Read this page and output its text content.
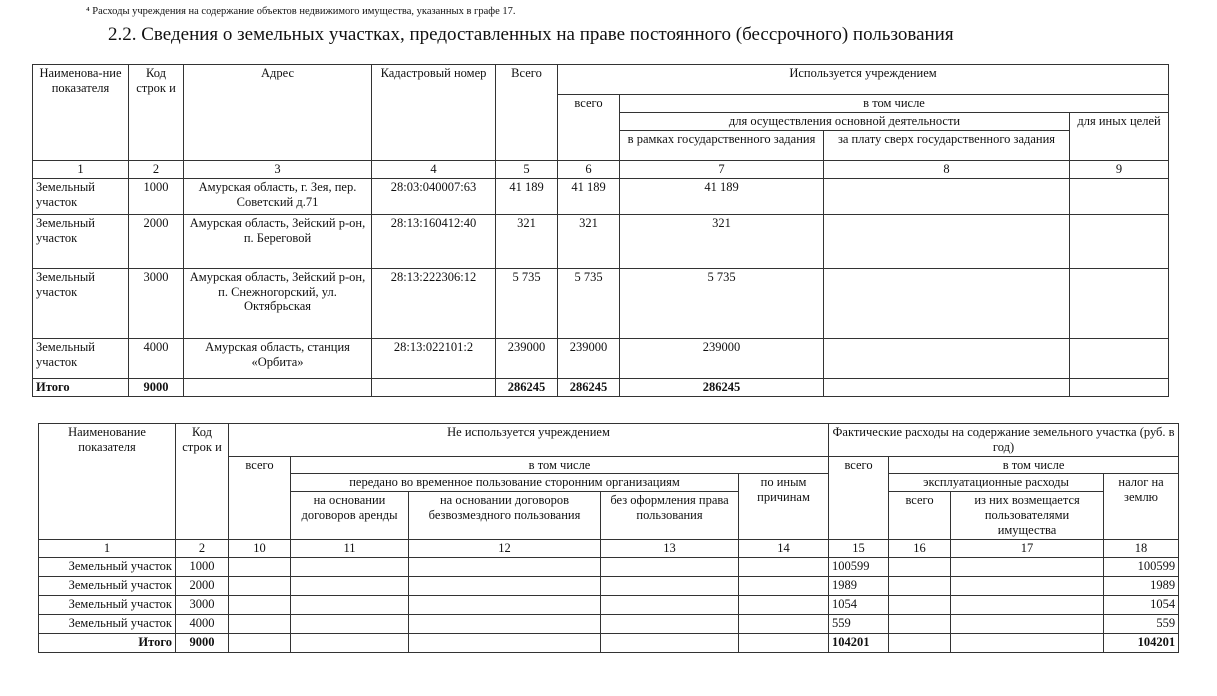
⁴ Расходы учреждения на содержание объектов недвижимого имущества, указанных в графе 17.
2.2. Сведения о земельных участках, предоставленных на праве постоянного (бессрочного) пользования
Наименова-ние показателя	Код строк и	Адрес	Кадастровый номер	Всего	Используется учреждением			
					всего	в том числе		
						для осуществления основной деятельности		для иных целей
						в рамках государственного задания	за плату сверх государственного задания	
1	2	3	4	5	6	7	8	9
Земельный участок	1000	Амурская область, г. Зея, пер. Советский д.71	28:03:040007:63	41 189	41 189	41 189		
Земельный участок	2000	Амурская область, Зейский р-он, п. Береговой	28:13:160412:40	321	321	321		
Земельный участок	3000	Амурская область, Зейский р-он, п. Снежногорский, ул. Октябрьская	28:13:222306:12	5 735	5 735	5 735		
Земельный участок	4000	Амурская область, станция «Орбита»	28:13:022101:2	239000	239000	239000		
Итого	9000			286245	286245	286245		
Наименование показателя	Код строк и	Не используется учреждением					Фактические расходы на содержание земельного участка (руб. в год)			
		всего	в том числе				всего	в том числе		
			передано во временное пользование сторонним организациям			по иным причинам		эксплуатационные расходы		налог на землю
			на основании договоров аренды	на основании договоров безвозмездного пользования	без оформления права пользования			всего	из них возмещается пользователями имущества	

1	2	10	11	12	13	14	15	16	17	18
Земельный участок	1000						100599			100599
Земельный участок	2000						1989			1989
Земельный участок	3000						1054			1054
Земельный участок	4000						559			559
Итого	9000						104201			104201
